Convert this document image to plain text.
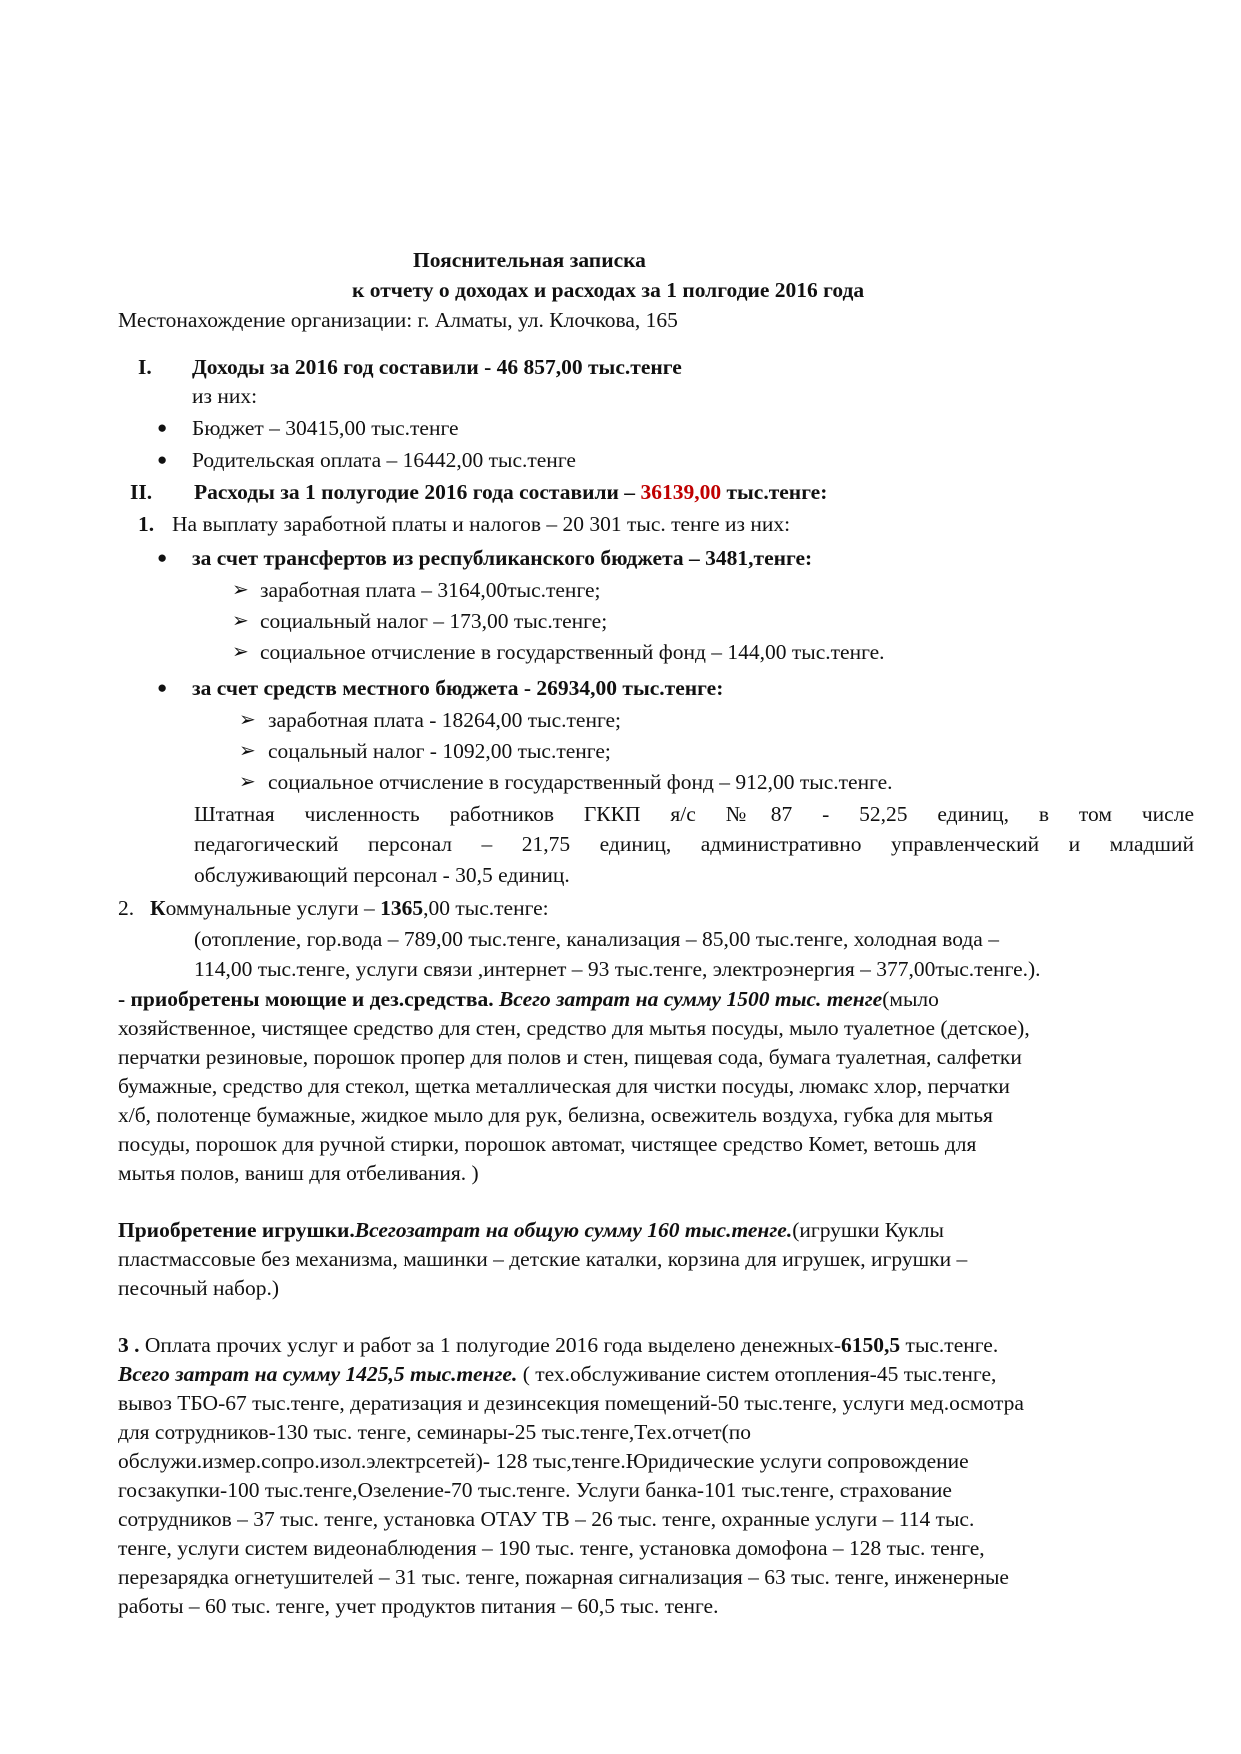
Пояснительная записка
к отчету о доходах и расходах за 1 полгодие 2016 года
Местонахождение организации: г. Алматы, ул. Клочкова, 165
I. Доходы за 2016 год составили - 46 857,00 тыс.тенге
из них:
● Бюджет – 30415,00 тыс.тенге
● Родительская оплата – 16442,00 тыс.тенге
II. Расходы за 1 полугодие 2016 года составили – 36139,00 тыс.тенге:
1. На выплату заработной платы и налогов – 20 301 тыс. тенге из них:
● за счет трансфертов из республиканского бюджета – 3481,тенге:
➢ заработная плата – 3164,00тыс.тенге;
➢ социальный налог – 173,00 тыс.тенге;
➢ социальное отчисление в государственный фонд – 144,00 тыс.тенге.
● за счет средств местного бюджета - 26934,00 тыс.тенге:
➢ заработная плата - 18264,00 тыс.тенге;
➢ соцальный налог - 1092,00 тыс.тенге;
➢ социальное отчисление в государственный фонд – 912,00 тыс.тенге.
Штатная численность работников ГККП я/с №87 - 52,25 единиц, в том числе
педагогический персонал – 21,75 единиц, административно управленческий и младший
обслуживающий персонал - 30,5 единиц.
2. Коммунальные услуги – 1365,00 тыс.тенге:
(отопление, гор.вода – 789,00 тыс.тенге, канализация – 85,00 тыс.тенге, холодная вода –
114,00 тыс.тенге, услуги связи ,интернет – 93 тыс.тенге, электроэнергия – 377,00тыс.тенге.).
- приобретены моющие и дез.средства. Всего затрат на сумму 1500 тыс. тенге(мыло
хозяйственное, чистящее средство для стен, средство для мытья посуды, мыло туалетное (детское),
перчатки резиновые, порошок пропер для полов и стен, пищевая сода, бумага туалетная, салфетки
бумажные, средство для стекол, щетка металлическая для чистки посуды, люмакс хлор, перчатки
х/б, полотенце бумажные, жидкое мыло для рук, белизна, освежитель воздуха, губка для мытья
посуды, порошок для ручной стирки, порошок автомат, чистящее средство Комет, ветошь для
мытья полов, ваниш для отбеливания. )
Приобретение игрушки.Всегозатрат на общую сумму 160 тыс.тенге.(игрушки Куклы
пластмассовые без механизма, машинки – детские каталки, корзина для игрушек, игрушки –
песочный набор.)
3 . Оплата прочих услуг и работ за 1 полугодие 2016 года выделено денежных-6150,5 тыс.тенге.
Всего затрат на сумму 1425,5 тыс.тенге. ( тех.обслуживание систем отопления-45 тыс.тенге,
вывоз ТБО-67 тыс.тенге, дератизация и дезинсекция помещений-50 тыс.тенге, услуги мед.осмотра
для сотрудников-130 тыс. тенге, семинары-25 тыс.тенге,Тех.отчет(по
обслужи.измер.сопро.изол.электрсетей)- 128 тыс,тенге.Юридические услуги сопровождение
госзакупки-100 тыс.тенге,Озеление-70 тыс.тенге. Услуги банка-101 тыс.тенге, страхование
сотрудников – 37 тыс. тенге, установка ОТАУ ТВ – 26 тыс. тенге, охранные услуги – 114 тыс.
тенге, услуги систем видеонаблюдения – 190 тыс. тенге, установка домофона – 128 тыс. тенге,
перезарядка огнетушителей – 31 тыс. тенге, пожарная сигнализация – 63 тыс. тенге, инженерные
работы – 60 тыс. тенге, учет продуктов питания – 60,5 тыс. тенге.
